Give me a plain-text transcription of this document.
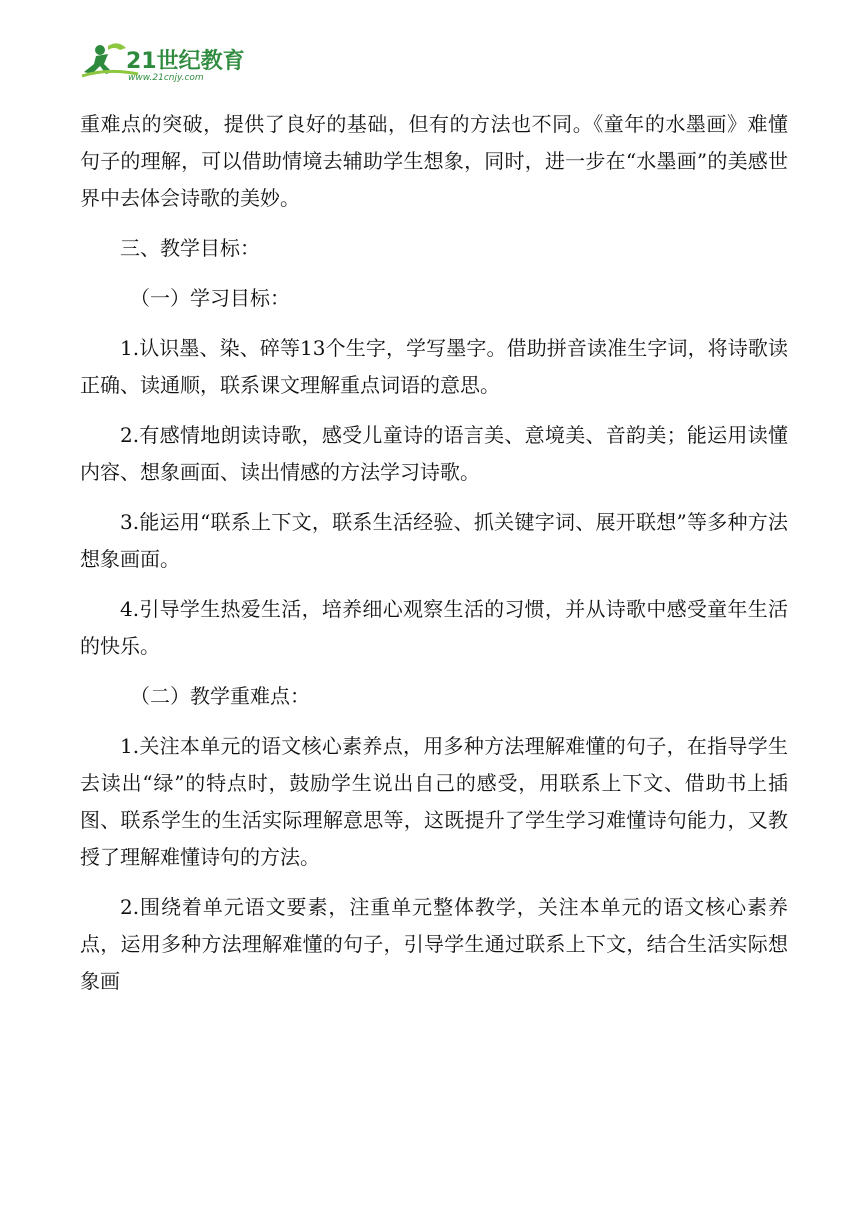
21世纪教育
www.21cnjy.com

重难点的突破，提供了良好的基础，但有的方法也不同。《童年的水墨画》难懂句子的理解，可以借助情境去辅助学生想象，同时，进一步在“水墨画”的美感世界中去体会诗歌的美妙。

三、教学目标：

（一）学习目标：

1.认识墨、染、碎等13个生字，学写墨字。借助拼音读准生字词，将诗歌读正确、读通顺，联系课文理解重点词语的意思。

2.有感情地朗读诗歌，感受儿童诗的语言美、意境美、音韵美；能运用读懂内容、想象画面、读出情感的方法学习诗歌。

3.能运用“联系上下文，联系生活经验、抓关键字词、展开联想”等多种方法想象画面。

4.引导学生热爱生活，培养细心观察生活的习惯，并从诗歌中感受童年生活的快乐。

（二）教学重难点：

1.关注本单元的语文核心素养点，用多种方法理解难懂的句子，在指导学生去读出“绿”的特点时，鼓励学生说出自己的感受，用联系上下文、借助书上插图、联系学生的生活实际理解意思等，这既提升了学生学习难懂诗句能力，又教授了理解难懂诗句的方法。

2.围绕着单元语文要素，注重单元整体教学，关注本单元的语文核心素养点，运用多种方法理解难懂的句子，引导学生通过联系上下文，结合生活实际想象画
